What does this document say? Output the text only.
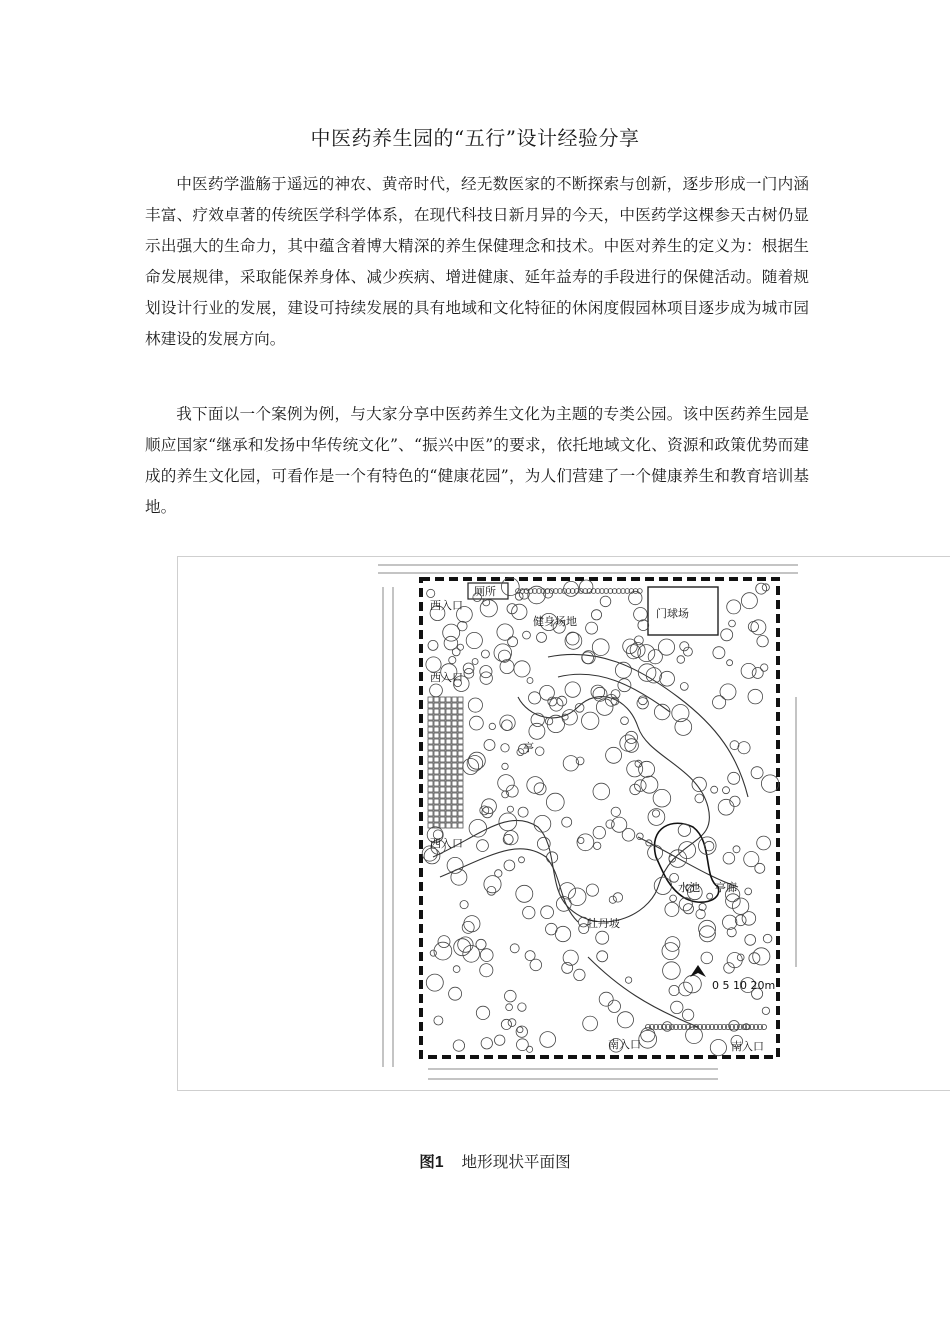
中医药养生园的“五行”设计经验分享

中医药学滥觞于遥远的神农、黄帝时代，经无数医家的不断探索与创新，逐步形成一门内涵丰富、疗效卓著的传统医学科学体系，在现代科技日新月异的今天，中医药学这棵参天古树仍显示出强大的生命力，其中蕴含着博大精深的养生保健理念和技术。中医对养生的定义为：根据生命发展规律，采取能保养身体、减少疾病、增进健康、延年益寿的手段进行的保健活动。随着规划设计行业的发展，建设可持续发展的具有地域和文化特征的休闲度假园林项目逐步成为城市园林建设的发展方向。

我下面以一个案例为例，与大家分享中医药养生文化为主题的专类公园。该中医药养生园是顺应国家“继承和发扬中华传统文化”、“振兴中医”的要求，依托地域文化、资源和政策优势而建成的养生文化园，可看作是一个有特色的“健康花园”，为人们营建了一个健康养生和教育培训基地。

0 5 10 20m
厕所
西入口
健身场地
门球场
西入口
亭
西入口
水池 亭廊
牡丹坡
南入口	南入口
图1 地形现状平面图
